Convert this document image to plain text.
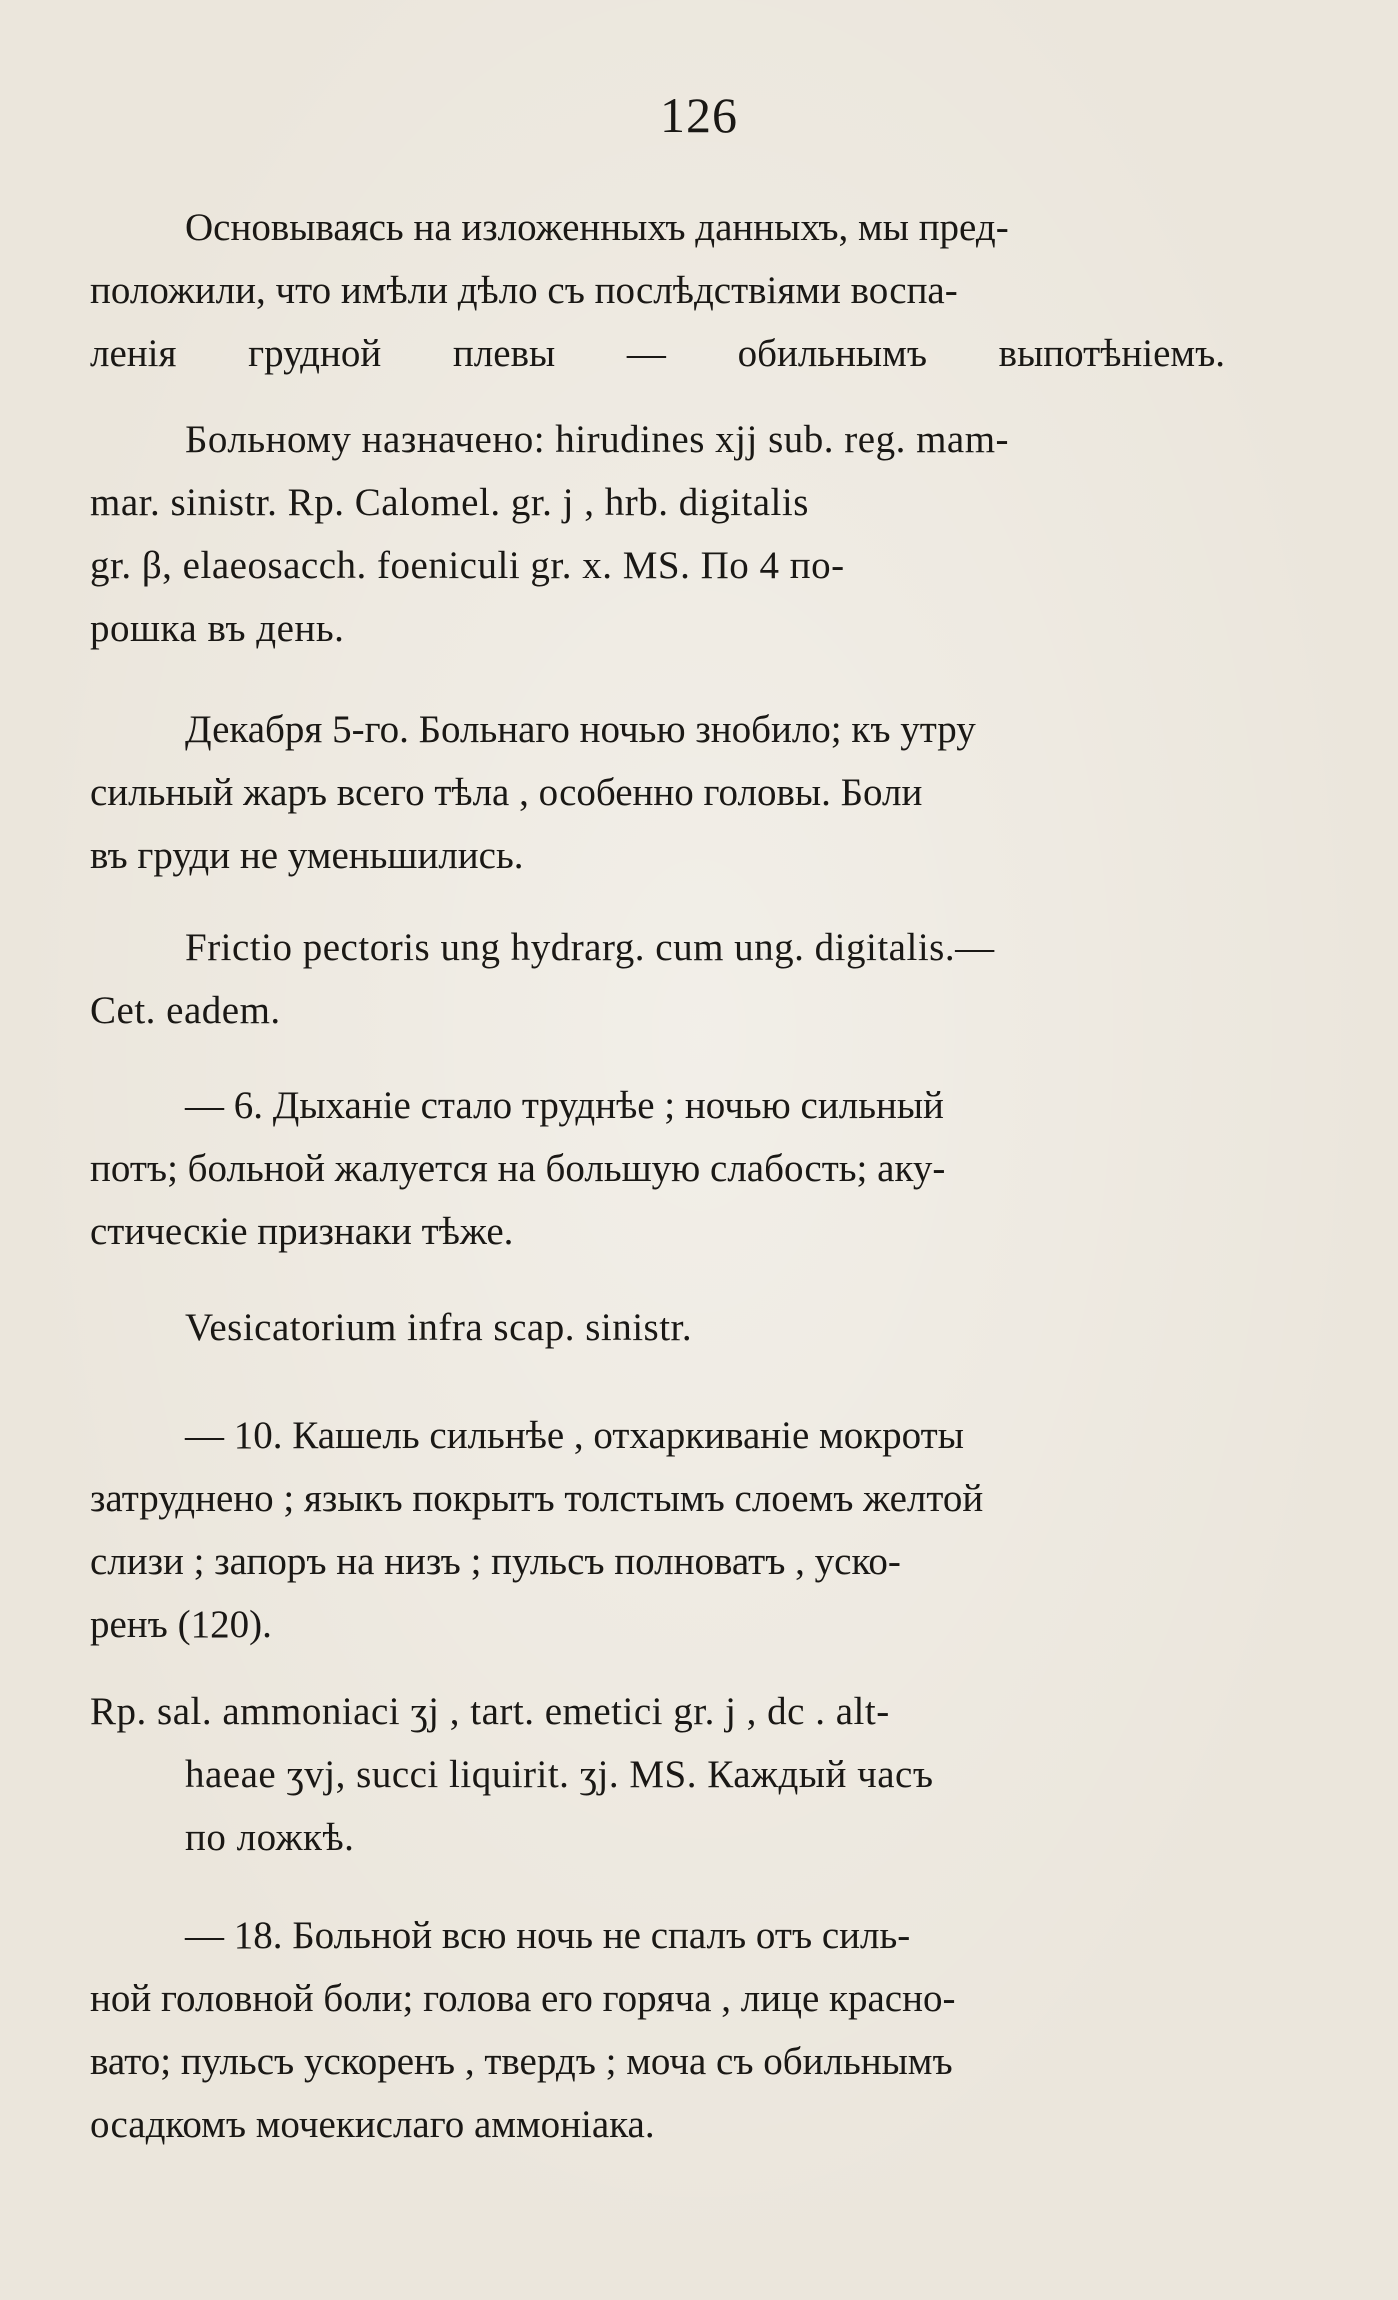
126

Основываясь на изложенныхъ данныхъ, мы пред-
положили, что имѣли дѣло съ послѣдствіями воспа-
ленія грудной плевы — обильнымъ выпотѣніемъ.

Больному назначено: hirudines xjj sub. reg. mam-
mar. sinistr. Rp. Calomel. gr. j , hrb. digitalis
gr. β, elaeosacch. foeniculi gr. x. MS. По 4 по-
рошка въ день.

Декабря 5-го. Больнаго ночью знобило; къ утру
сильный жаръ всего тѣла , особенно головы. Боли
въ груди не уменьшились.

Frictio pectoris ung hydrarg. cum ung. digitalis.—
Cet. eadem.

— 6. Дыханіе стало труднѣе ; ночью сильный
потъ; больной жалуется на большую слабость; аку-
стическіе признаки тѣже.

Vesicatorium infra scap. sinistr.

— 10. Кашель сильнѣе , отхаркиваніе мокроты
затруднено ; языкъ покрытъ толстымъ слоемъ желтой
слизи ; запоръ на низъ ; пульсъ полноватъ , уско-
ренъ (120).

Rp. sal. ammoniaci ʒj , tart. emetici gr. j , dc . alt-
haeae ʒvj, succi liquirit. ʒj. MS. Каждый часъ
по ложкѣ.

— 18. Больной всю ночь не спалъ отъ силь-
ной головной боли; голова его горяча , лице красно-
вато; пульсъ ускоренъ , твердъ ; моча съ обильнымъ
осадкомъ мочекислаго аммоніака.
